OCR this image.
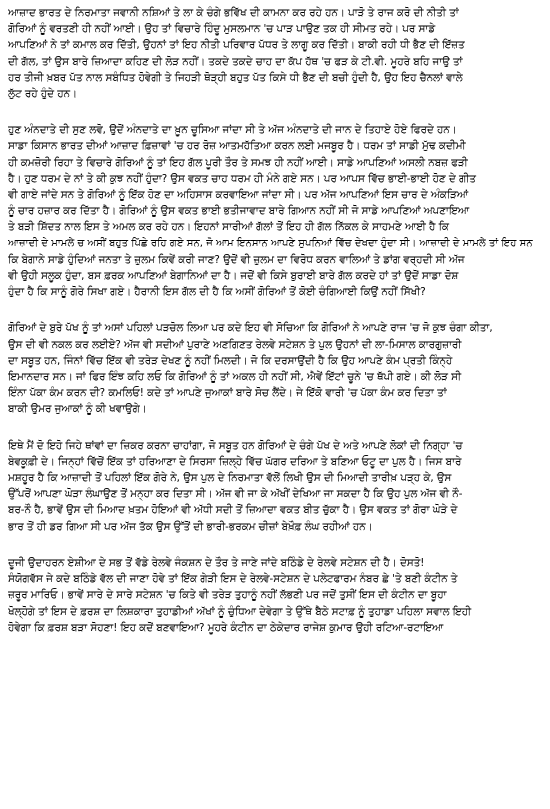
ਆਜ਼ਾਦ ਭਾਰਤ ਦੇ ਨਿਰਮਾਤਾ ਜਵਾਨੀ ਨਸ਼ਿਆਂ ਤੇ ਲਾ ਕੇ ਚੰਗੇ ਭਵਿੱਖ ਦੀ ਕਾਮਨਾ ਕਰ ਰਹੇ ਹਨ। ਪਾੜੋ ਤੇ ਰਾਜ ਕਰੋ ਦੀ ਨੀਤੀ ਤਾਂ
ਗੋਰਿਆਂ ਨੂੰ ਵਰਤਣੀ ਹੀ ਨਹੀਂ ਆਈ। ਉਹ ਤਾਂ ਵਿਚਾਰੇ ਹਿੰਦੂ ਮੁਸਲਮਾਨ 'ਚ ਪਾੜ ਪਾਉਣ ਤਕ ਹੀ ਸੀਮਤ ਰਹੇ। ਪਰ ਸਾਡੇ
ਆਪਣਿਆਂ ਨੇ ਤਾਂ ਕਮਾਲ ਕਰ ਦਿੱਤੀ, ਉਹਨਾਂ ਤਾਂ ਇਹ ਨੀਤੀ ਪਰਿਵਾਰ ਪੱਧਰ ਤੇ ਲਾਗੂ ਕਰ ਦਿੱਤੀ। ਬਾਕੀ ਰਹੀ ਧੀ ਭੈਣ ਦੀ ਇੱਜ਼ਤ
ਦੀ ਗੱਲ, ਤਾਂ ਉਸ ਬਾਰੇ ਜ਼ਿਆਦਾ ਕਹਿਣ ਦੀ ਲੋੜ ਨਹੀਂ। ਤਕਦੇ ਤਕਦੇ ਚਾਹ ਦਾ ਕੱਪ ਹੱਥ 'ਚ ਫੜ ਕੇ ਟੀ.ਵੀ. ਮੂਹਰੇ ਬਹਿ ਜਾਉ ਤਾਂ
ਹਰ ਤੀਜੀ ਖ਼ਬਰ ਪੱਤ ਨਾਲ ਸਬੰਧਿਤ ਹੋਵੇਗੀ ਤੇ ਜਿਹੜੀ ਥੋੜ੍ਹੀ ਬਹੁਤ ਪੱਤ ਕਿਸੇ ਧੀ ਭੈਣ ਦੀ ਬਚੀ ਹੁੰਦੀ ਹੈ, ਉਹ ਇਹ ਚੈਨਲਾਂ ਵਾਲੇ
ਲੁੱਟ ਰਹੇ ਹੁੰਦੇ ਹਨ।
ਹੁਣ ਅੰਨਦਾਤੇ ਦੀ ਸੁਣ ਲਵੋ, ਉਦੋਂ ਅੰਨਦਾਤੇ ਦਾ ਖ਼ੂਨ ਚੂਸਿਆ ਜਾਂਦਾ ਸੀ ਤੇ ਅੱਜ ਅੰਨਦਾਤੇ ਦੀ ਜਾਨ ਦੇ ਤਿਹਾਏ ਹੋਏ ਫਿਰਦੇ ਹਨ।
ਸਾਡਾ ਕਿਸਾਨ ਭਾਰਤ ਦੀਆਂ ਆਜ਼ਾਦ ਫ਼ਿਜ਼ਾਵਾਂ 'ਚ ਹਰ ਰੋਜ਼ ਆਤਮਹੱਤਿਆ ਕਰਨ ਲਈ ਮਜਬੂਰ ਹੈ। ਧਰਮ ਤਾਂ ਸਾਡੀ ਮੁੱਢ ਕਦੀਮੀ
ਹੀ ਕਮਜ਼ੋਰੀ ਰਿਹਾ ਤੇ ਵਿਚਾਰੇ ਗੋਰਿਆਂ ਨੂੰ ਤਾਂ ਇਹ ਗੱਲ ਪੂਰੀ ਤੌਰ ਤੇ ਸਮਝ ਹੀ ਨਹੀਂ ਆਈ। ਸਾਡੇ ਆਪਣਿਆਂ ਅਸਲੀ ਨਬਜ਼ ਫੜੀ
ਹੈ। ਹੁਣ ਧਰਮ ਦੇ ਨਾਂ ਤੇ ਕੀ ਕੁਝ ਨਹੀਂ ਹੁੰਦਾ? ਉਸ ਵਕਤ ਚਾਹ ਧਰਮ ਹੀ ਮੰਨੇ ਗਏ ਸਨ। ਪਰ ਆਪਸ ਵਿੱਚ ਭਾਈ-ਭਾਈ ਹੋਣ ਦੇ ਗੀਤ
ਵੀ ਗਾਏ ਜਾਂਦੇ ਸਨ ਤੇ ਗੋਰਿਆਂ ਨੂੰ ਇੱਕ ਹੋਣ ਦਾ ਅਹਿਸਾਸ ਕਰਵਾਇਆ ਜਾਂਦਾ ਸੀ। ਪਰ ਅੱਜ ਆਪਣਿਆਂ ਇਸ ਚਾਰ ਦੇ ਅੰਕੜਿਆਂ
ਨੂੰ ਚਾਰ ਹਜ਼ਾਰ ਕਰ ਦਿੱਤਾ ਹੈ। ਗੋਰਿਆਂ ਨੂੰ ਉਸ ਵਕਤ ਭਾਈ ਭਤੀਜਾਵਾਦ ਬਾਰੇ ਗਿਆਨ ਨਹੀਂ ਸੀ ਜੋ ਸਾਡੇ ਆਪਣਿਆਂ ਅਪਣਾਇਆ
ਤੇ ਬੜੀ ਸ਼ਿੱਦਤ ਨਾਲ ਇਸ ਤੇ ਅਮਲ ਕਰ ਰਹੇ ਹਨ। ਇਹਨਾਂ ਸਾਰੀਆਂ ਗੱਲਾਂ ਤੋਂ ਇਹ ਹੀ ਗੱਲ ਨਿੱਕਲ ਕੇ ਸਾਹਮਣੇ ਆਈ ਹੈ ਕਿ
ਆਜ਼ਾਦੀ ਦੇ ਮਾਮਲੇ ਚ ਅਸੀਂ ਬਹੁਤ ਪਿੱਛੇ ਰਹਿ ਗਏ ਸਨ, ਜੋ ਆਮ ਇਨਸਾਨ ਆਪਣੇ ਸੁਪਨਿਆਂ ਵਿੱਚ ਦੇਖਦਾ ਹੁੰਦਾ ਸੀ। ਆਜ਼ਾਦੀ ਦੇ ਮਾਮਲੇ ਤਾਂ ਇਹ ਸਨ
ਕਿ ਬੇਗਾਨੇ ਸਾਡੇ ਹੁੰਦਿਆਂ ਜਨਤਾ ਤੇ ਜ਼ੁਲਮ ਕਿਵੇਂ ਕਰੀ ਜਾਣ? ਉਦੋਂ ਵੀ ਜ਼ੁਲਮ ਦਾ ਵਿਰੋਧ ਕਰਨ ਵਾਲਿਆਂ ਤੇ ਡਾਂਗ ਵਰ੍ਹਦੀ ਸੀ ਅੱਜ
ਵੀ ਉਹੀ ਸਲੂਕ ਹੁੰਦਾ, ਬਸ ਫ਼ਰਕ ਆਪਣਿਆਂ ਬੇਗਾਨਿਆਂ ਦਾ ਹੈ। ਜਦੋਂ ਵੀ ਕਿਸੇ ਬੁਰਾਈ ਬਾਰੇ ਗੱਲ ਕਰਦੇ ਹਾਂ ਤਾਂ ਉਦੋਂ ਸਾਡਾ ਦੋਸ਼
ਹੁੰਦਾ ਹੈ ਕਿ ਸਾਨੂੰ ਗੋਰੇ ਸਿਖਾ ਗਏ। ਹੈਰਾਨੀ ਇਸ ਗੱਲ ਦੀ ਹੈ ਕਿ ਅਸੀਂ ਗੋਰਿਆਂ ਤੋਂ ਕੋਈ ਚੰਗਿਆਈ ਕਿਉਂ ਨਹੀਂ ਸਿੱਖੀ?
ਗੋਰਿਆਂ ਦੇ ਬੁਰੇ ਪੱਖ ਨੂੰ ਤਾਂ ਅਸਾਂ ਪਹਿਲਾਂ ਪੜਚੋਲ ਲਿਆ ਪਰ ਕਦੇ ਇਹ ਵੀ ਸੋਚਿਆ ਕਿ ਗੋਰਿਆਂ ਨੇ ਆਪਣੇ ਰਾਜ 'ਚ ਜੋ ਕੁਝ ਚੰਗਾ ਕੀਤਾ,
ਉਸ ਦੀ ਵੀ ਨਕਲ ਕਰ ਲਈਏ? ਅੱਜ ਵੀ ਸਦੀਆਂ ਪੁਰਾਣੇ ਅਣਗਿਣਤ ਰੇਲਵੇ ਸਟੇਸ਼ਨ ਤੇ ਪੁਲ ਉਹਨਾਂ ਦੀ ਲਾ-ਮਿਸਾਲ ਕਾਰਗੁਜ਼ਾਰੀ
ਦਾ ਸਬੂਤ ਹਨ, ਜਿੰਨਾਂ ਵਿੱਚ ਇੱਕ ਵੀ ਤਰੇੜ ਦੇਖਣ ਨੂੰ ਨਹੀਂ ਮਿਲਦੀ। ਜੋ ਕਿ ਦਰਸਾਉਂਦੀ ਹੈ ਕਿ ਉਹ ਆਪਣੇ ਕੰਮ ਪ੍ਰਤੀ ਕਿੰਨ੍ਹੇ
ਇਮਾਨਦਾਰ ਸਨ। ਜਾਂ ਫਿਰ ਇੰਝ ਕਹਿ ਲਓ ਕਿ ਗੋਰਿਆਂ ਨੂੰ ਤਾਂ ਅਕਲ ਹੀ ਨਹੀਂ ਸੀ, ਐਵੇਂ ਇੱਟਾਂ ਚੂਨੇ 'ਚ ਥੱਪੀ ਗਏ। ਕੀ ਲੋੜ ਸੀ
ਇੰਨਾ ਪੱਕਾ ਕੰਮ ਕਰਨ ਦੀ? ਕਮਲਿਓ! ਕਦੇ ਤਾਂ ਆਪਣੇ ਜੁਆਕਾਂ ਬਾਰੇ ਸੋਚ ਲੈਂਦੇ। ਜੇ ਇੱਕੋ ਵਾਰੀ 'ਚ ਪੱਕਾ ਕੰਮ ਕਰ ਦਿਤਾ ਤਾਂ
ਬਾਕੀ ਉਮਰ ਜੁਆਕਾਂ ਨੂੰ ਕੀ ਖਵਾਉਗੇ।
ਇਥੇ ਮੈਂ ਦੋ ਇਹੋ ਜਿਹੇ ਥਾਂਵਾਂ ਦਾ ਜ਼ਿਕਰ ਕਰਨਾ ਚਾਹਾਂਗਾ, ਜੋ ਸਬੂਤ ਹਨ ਗੋਰਿਆਂ ਦੇ ਚੰਗੇ ਪੱਖ ਦੇ ਅਤੇ ਆਪਣੇ ਲੋਕਾਂ ਦੀ ਨਿਗ੍ਹਾ 'ਚ
ਬੇਵਕੂਫ਼ੀ ਦੇ। ਜਿਨ੍ਹਾਂ ਵਿੱਚੋਂ ਇੱਕ ਤਾਂ ਹਰਿਆਣਾ ਦੇ ਸਿਰਸਾ ਜ਼ਿਲ੍ਹੇ ਵਿੱਚ ਘੱਗਰ ਦਰਿਆ ਤੇ ਬਣਿਆ ਓਟੂ ਦਾ ਪੁਲ ਹੈ। ਜਿਸ ਬਾਰੇ
ਮਸ਼ਹੂਰ ਹੈ ਕਿ ਆਜ਼ਾਦੀ ਤੋਂ ਪਹਿਲਾਂ ਇੱਕ ਗੋਰੇ ਨੇ, ਉਸ ਪੁਲ ਦੇ ਨਿਰਮਾਤਾ ਵੱਲੋਂ ਲਿਖੀ ਉਸ ਦੀ ਮਿਆਦੀ ਤਾਰੀਖ਼ ਪੜ੍ਹ ਕੇ, ਉਸ
ਉੱਪਰੋਂ ਆਪਣਾ ਘੋੜਾ ਲੰਘਾਉਣ ਤੋਂ ਮਨ੍ਹਾ ਕਰ ਦਿਤਾ ਸੀ। ਅੱਜ ਵੀ ਜਾ ਕੇ ਅੱਖੀਂ ਦੇਖਿਆ ਜਾ ਸਕਦਾ ਹੈ ਕਿ ਉਹ ਪੁਲ ਅੱਜ ਵੀ ਨੌ-
ਬਰ-ਨੌ ਹੈ, ਭਾਵੇਂ ਉਸ ਦੀ ਮਿਆਦ ਖ਼ਤਮ ਹੋਇਆਂ ਵੀ ਅੱਧੀ ਸਦੀ ਤੋਂ ਜ਼ਿਆਦਾ ਵਕਤ ਬੀਤ ਚੁੱਕਾ ਹੈ। ਉਸ ਵਕਤ ਤਾਂ ਗੋਰਾ ਘੋੜੇ ਦੇ
ਭਾਰ ਤੋਂ ਹੀ ਡਰ ਗਿਆ ਸੀ ਪਰ ਅੱਜ ਤੱਕ ਉਸ ਉੱਤੋਂ ਦੀ ਭਾਰੀ-ਭਰਕਮ ਚੀਜ਼ਾਂ ਬੇਖ਼ੌਫ਼ ਲੰਘ ਰਹੀਆਂ ਹਨ।
ਦੂਜੀ ਉਦਾਹਰਨ ਏਸ਼ੀਆ ਦੇ ਸਭ ਤੋਂ ਵੱਡੇ ਰੇਲਵੇ ਜੰਕਸ਼ਨ ਦੇ ਤੌਰ ਤੇ ਜਾਣੇ ਜਾਂਦੇ ਬਠਿੰਡੇ ਦੇ ਰੇਲਵੇ ਸਟੇਸ਼ਨ ਦੀ ਹੈ। ਦੋਸਤੋ!
ਸੰਯੋਗਵੱਸ ਜੇ ਕਦੇ ਬਠਿੰਡੇ ਵੱਲ ਦੀ ਜਾਣਾ ਹੋਵੇ ਤਾਂ ਇੱਕ ਗੇੜੀ ਇਸ ਦੇ ਰੇਲਵੇ-ਸਟੇਸ਼ਨ ਦੇ ਪਲੇਟਫਾਰਮ ਨੰਬਰ ਛੇ 'ਤੇ ਬਣੀ ਕੰਟੀਨ ਤੇ
ਜ਼ਰੂਰ ਮਾਰਿਓ। ਭਾਵੇਂ ਸਾਰੇ ਦੇ ਸਾਰੇ ਸਟੇਸ਼ਨ 'ਚ ਕਿਤੇ ਵੀ ਤਰੇੜ ਤੁਹਾਨੂੰ ਨਹੀਂ ਲੱਭਣੀ ਪਰ ਜਦੋਂ ਤੁਸੀਂ ਇਸ ਦੀ ਕੰਟੀਨ ਦਾ ਬੂਹਾ
ਖੋਲ੍ਹੋਗੇ ਤਾਂ ਇਸ ਦੇ ਫ਼ਰਸ਼ ਦਾ ਲਿਸ਼ਕਾਰਾ ਤੁਹਾਡੀਆਂ ਅੱਖਾਂ ਨੂੰ ਚੁੰਧਿਆ ਦੇਵੇਗਾ ਤੇ ਉੱਥੇ ਬੈਠੇ ਸਟਾਫ਼ ਨੂੰ ਤੁਹਾਡਾ ਪਹਿਲਾ ਸਵਾਲ ਇਹੀ
ਹੋਵੇਗਾ ਕਿ ਫ਼ਰਸ਼ ਬੜਾ ਸੋਹਣਾ! ਇਹ ਕਦੋਂ ਬਣਵਾਇਆ? ਮੂਹਰੇ ਕੰਟੀਨ ਦਾ ਠੇਕੇਦਾਰ ਰਾਜੇਸ਼ ਕੁਮਾਰ ਉਹੀ ਰਟਿਆ-ਰਟਾਇਆ
